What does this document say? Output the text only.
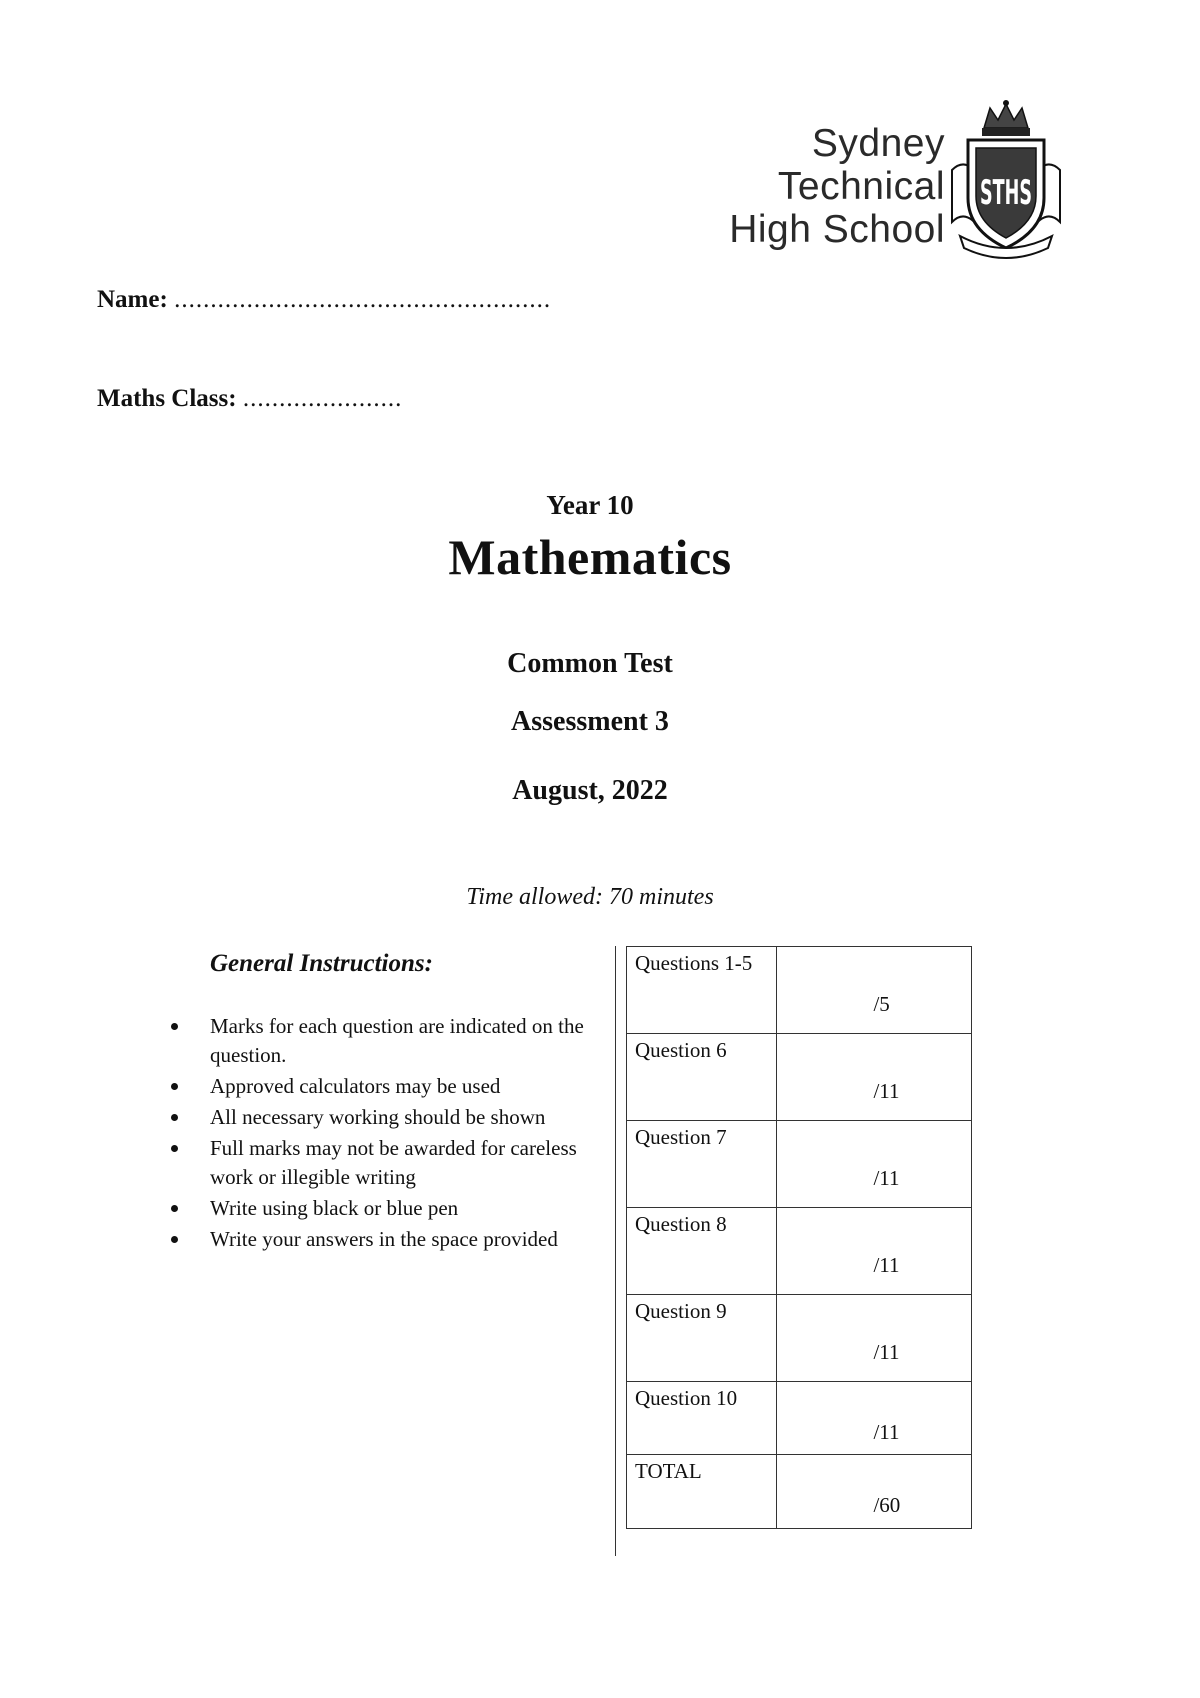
Sydney
Technical
High School
STHS
Name: ....................................................
Maths Class: ......................
Year 10
Mathematics
Common Test
Assessment 3
August, 2022
Time allowed: 70 minutes
General Instructions:
Marks for each question are indicated on the question.
Approved calculators may be used
All necessary working should be shown
Full marks may not be awarded for careless work or illegible writing
Write using black or blue pen
Write your answers in the space provided
Questions 1-5	/5
Question 6	/11
Question 7	/11
Question 8	/11
Question 9	/11
Question 10	/11
TOTAL	/60
